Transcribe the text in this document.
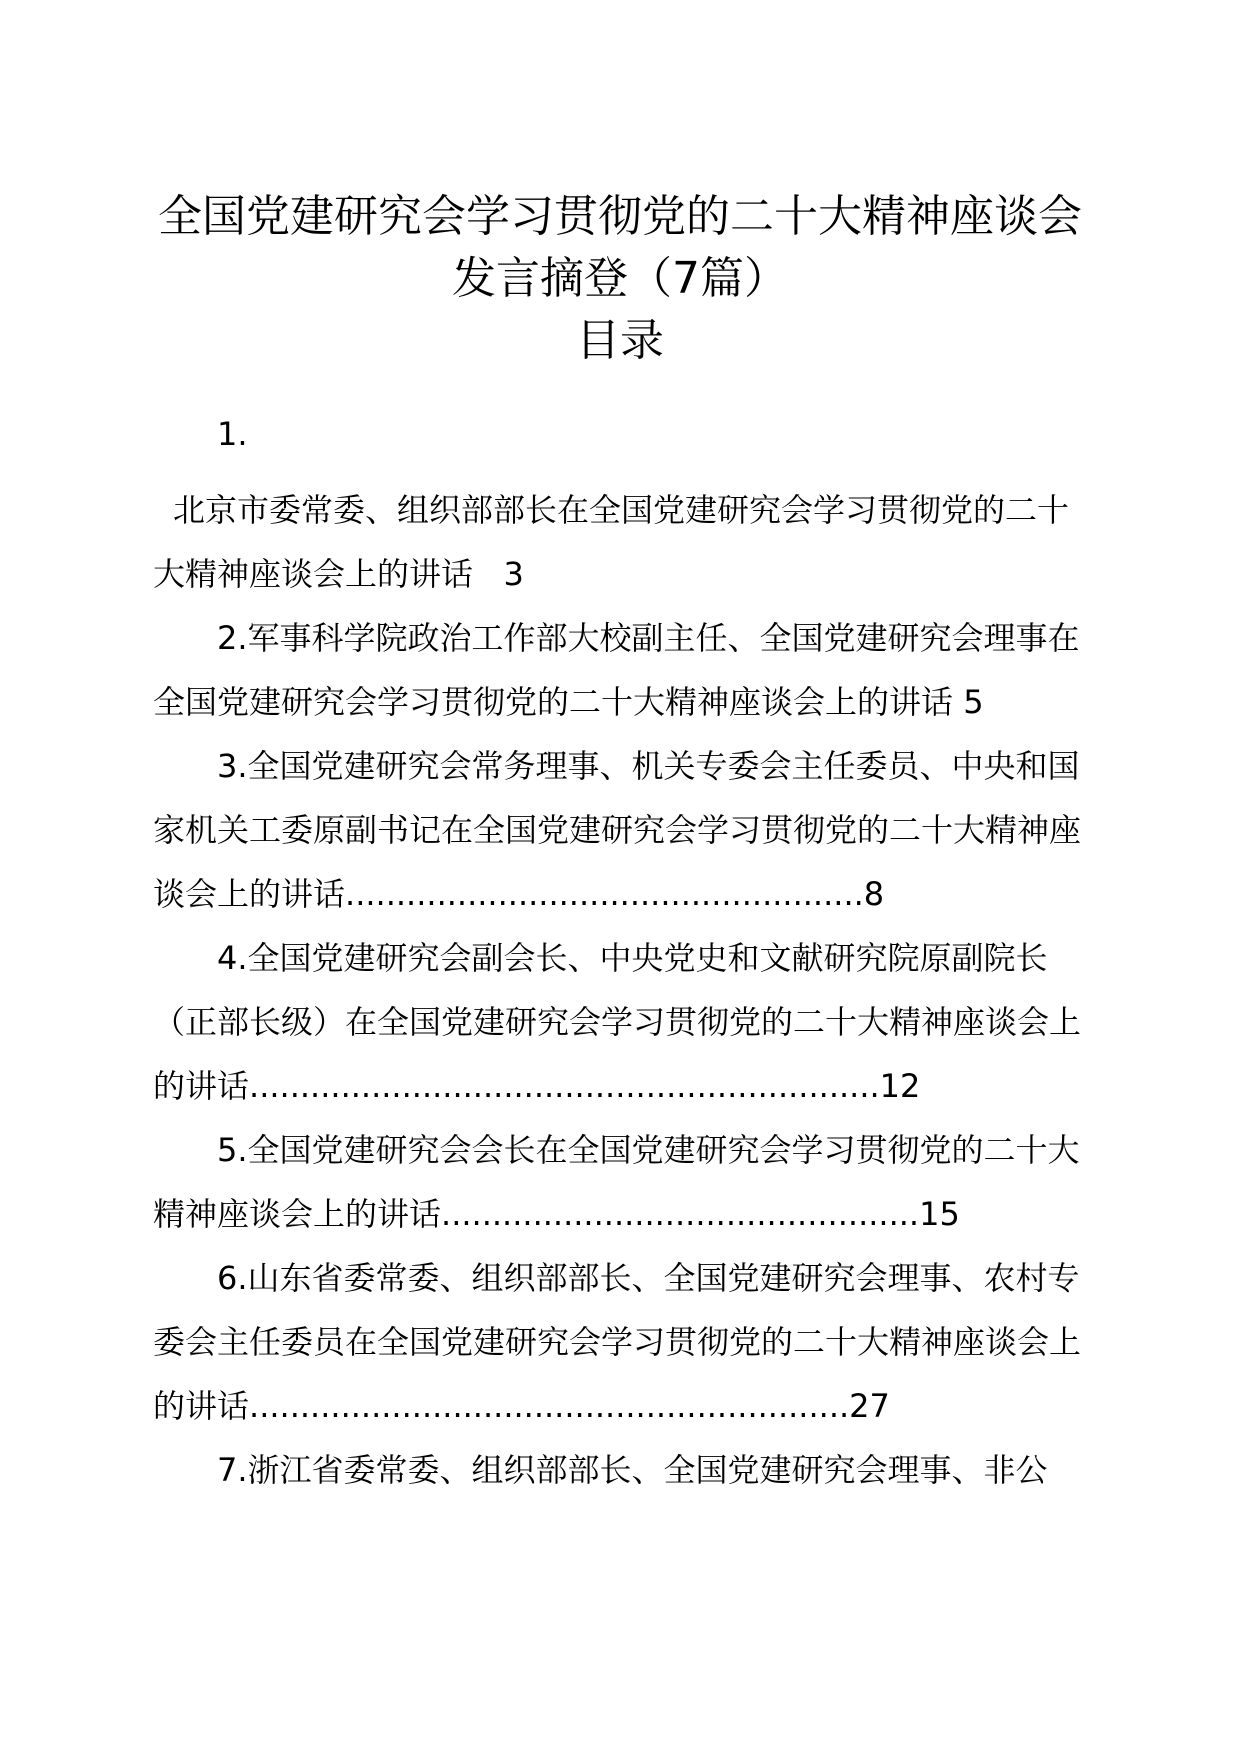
全国党建研究会学习贯彻党的二十大精神座谈会发言摘登（7篇）
目录

1.

北京市委常委、组织部部长在全国党建研究会学习贯彻党的二十大精神座谈会上的讲话 3

2.军事科学院政治工作部大校副主任、全国党建研究会理事在全国党建研究会学习贯彻党的二十大精神座谈会上的讲话 5

3.全国党建研究会常务理事、机关专委会主任委员、中央和国家机关工委原副书记在全国党建研究会学习贯彻党的二十大精神座谈会上的讲话...................................................8

4.全国党建研究会副会长、中央党史和文献研究院原副院长（正部长级）在全国党建研究会学习贯彻党的二十大精神座谈会上的讲话..............................................................12

5.全国党建研究会会长在全国党建研究会学习贯彻党的二十大精神座谈会上的讲话...............................................15

6.山东省委常委、组织部部长、全国党建研究会理事、农村专委会主任委员在全国党建研究会学习贯彻党的二十大精神座谈会上的讲话...........................................................27

7.浙江省委常委、组织部部长、全国党建研究会理事、非公
